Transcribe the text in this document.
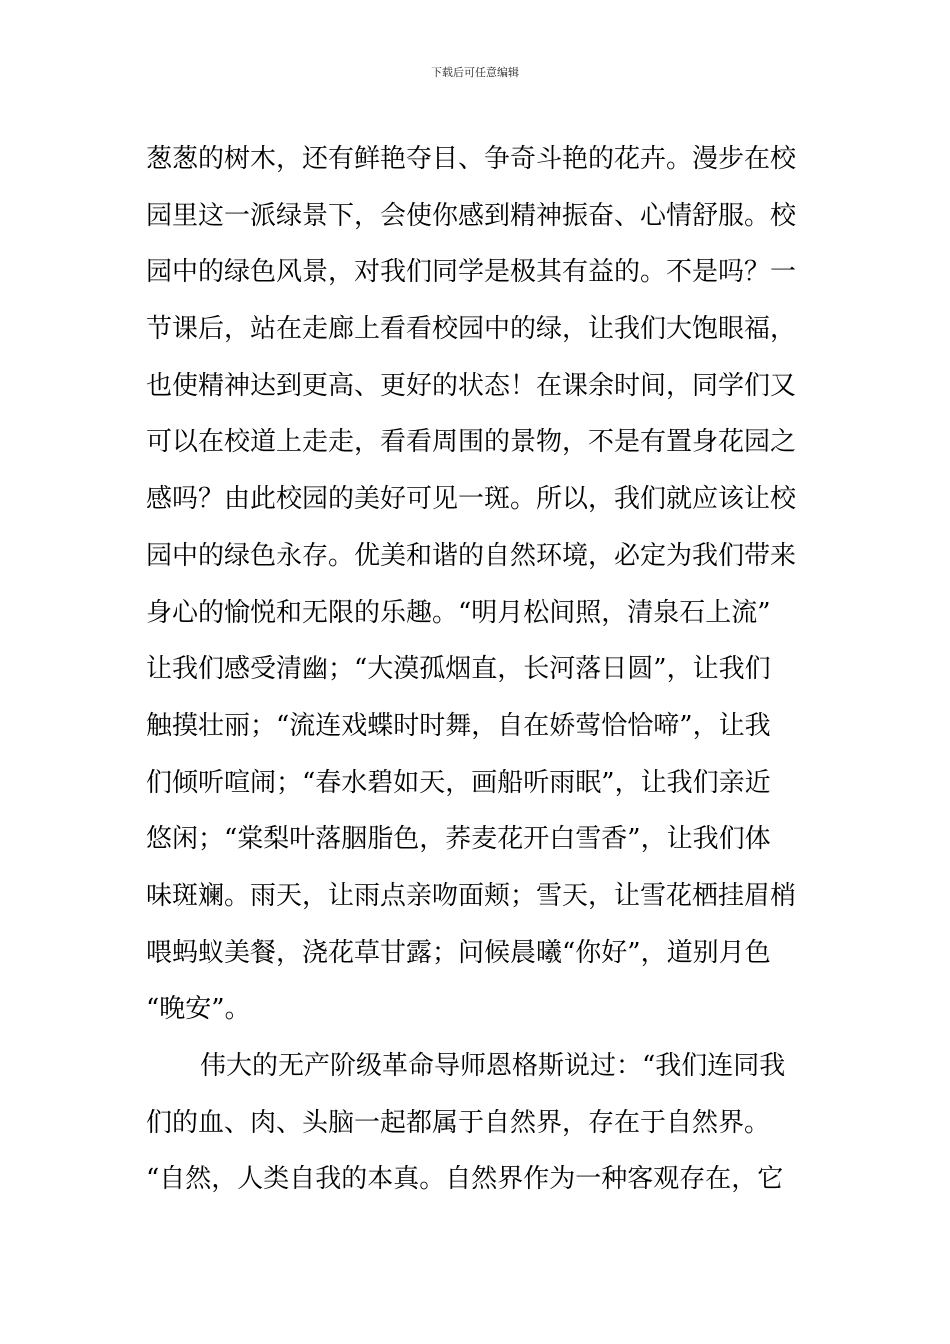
下载后可任意编辑
葱葱的树木，还有鲜艳夺目、争奇斗艳的花卉。漫步在校
园里这一派绿景下，会使你感到精神振奋、心情舒服。校
园中的绿色风景，对我们同学是极其有益的。不是吗？一
节课后，站在走廊上看看校园中的绿，让我们大饱眼福，
也使精神达到更高、更好的状态！在课余时间，同学们又
可以在校道上走走，看看周围的景物，不是有置身花园之
感吗？由此校园的美好可见一斑。所以，我们就应该让校
园中的绿色永存。优美和谐的自然环境，必定为我们带来
身心的愉悦和无限的乐趣。“明月松间照，清泉石上流”
让我们感受清幽；“大漠孤烟直，长河落日圆”，让我们
触摸壮丽；“流连戏蝶时时舞，自在娇莺恰恰啼”，让我
们倾听喧闹；“春水碧如天，画船听雨眠”，让我们亲近
悠闲；“棠梨叶落胭脂色，荞麦花开白雪香”，让我们体
味斑斓。雨天，让雨点亲吻面颊；雪天，让雪花栖挂眉梢
喂蚂蚁美餐，浇花草甘露；问候晨曦“你好”，道别月色
“晚安”。
伟大的无产阶级革命导师恩格斯说过：“我们连同我
们的血、肉、头脑一起都属于自然界，存在于自然界。
“自然，人类自我的本真。自然界作为一种客观存在，它
